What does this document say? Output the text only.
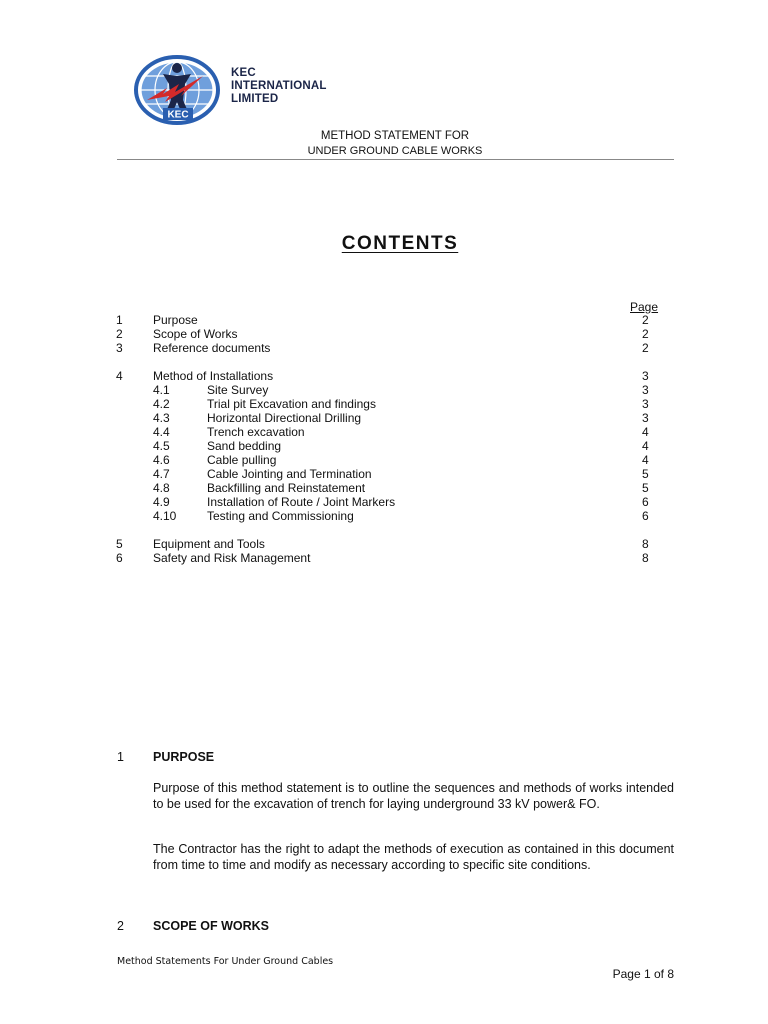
KEC
KEC
INTERNATIONAL
LIMITED
METHOD STATEMENT FOR
UNDER GROUND CABLE WORKS
CONTENTS
Page
1	Purpose	2
2	Scope of Works	2
3	Reference documents	2
4	Method of Installations	3
4.1	Site Survey	3
4.2	Trial pit Excavation and findings	3
4.3	Horizontal Directional Drilling	3
4.4	Trench excavation	4
4.5	Sand bedding	4
4.6	Cable pulling	4
4.7	Cable Jointing and Termination	5
4.8	Backfilling and Reinstatement	5
4.9	Installation of Route / Joint Markers	6
4.10	Testing and Commissioning	6
5	Equipment and Tools	8
6	Safety and Risk Management	8
1 PURPOSE
Purpose of this method statement is to outline the sequences and methods of works intended to be used for the excavation of trench for laying underground 33 kV power& FO.
The Contractor has the right to adapt the methods of execution as contained in this document from time to time and modify as necessary according to specific site conditions.
2 SCOPE OF WORKS
Method Statements For Under Ground Cables
Page 1 of 8
